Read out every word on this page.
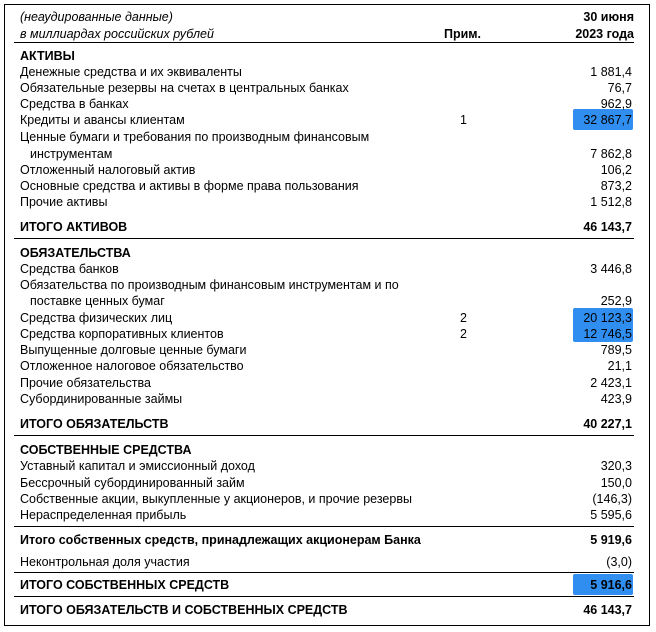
(неаудированные данные)
в миллиардах российских рублей	Прим.
30 июня
2023 года
АКТИВЫ
Денежные средства и их эквиваленты	1 881,4
Обязательные резервы на счетах в центральных банках	76,7
Средства в банках	962,9
Кредиты и авансы клиентам	1	32 867,7
Ценные бумаги и требования по производным финансовым
инструментам	7 862,8
Отложенный налоговый актив	106,2
Основные средства и активы в форме права пользования	873,2
Прочие активы	1 512,8
ИТОГО АКТИВОВ	46 143,7
ОБЯЗАТЕЛЬСТВА
Средства банков	3 446,8
Обязательства по производным финансовым инструментам и по
поставке ценных бумаг	252,9
Средства физических лиц	2	20 123,3
Средства корпоративных клиентов	2	12 746,5
Выпущенные долговые ценные бумаги	789,5
Отложенное налоговое обязательство	21,1
Прочие обязательства	2 423,1
Субординированные займы	423,9
ИТОГО ОБЯЗАТЕЛЬСТВ	40 227,1
СОБСТВЕННЫЕ СРЕДСТВА
Уставный капитал и эмиссионный доход	320,3
Бессрочный субординированный займ	150,0
Собственные акции, выкупленные у акционеров, и прочие резервы	(146,3)
Нераспределенная прибыль	5 595,6
Итого собственных средств, принадлежащих акционерам Банка	5 919,6
Неконтрольная доля участия	(3,0)
ИТОГО СОБСТВЕННЫХ СРЕДСТВ	5 916,6
ИТОГО ОБЯЗАТЕЛЬСТВ И СОБСТВЕННЫХ СРЕДСТВ	46 143,7
